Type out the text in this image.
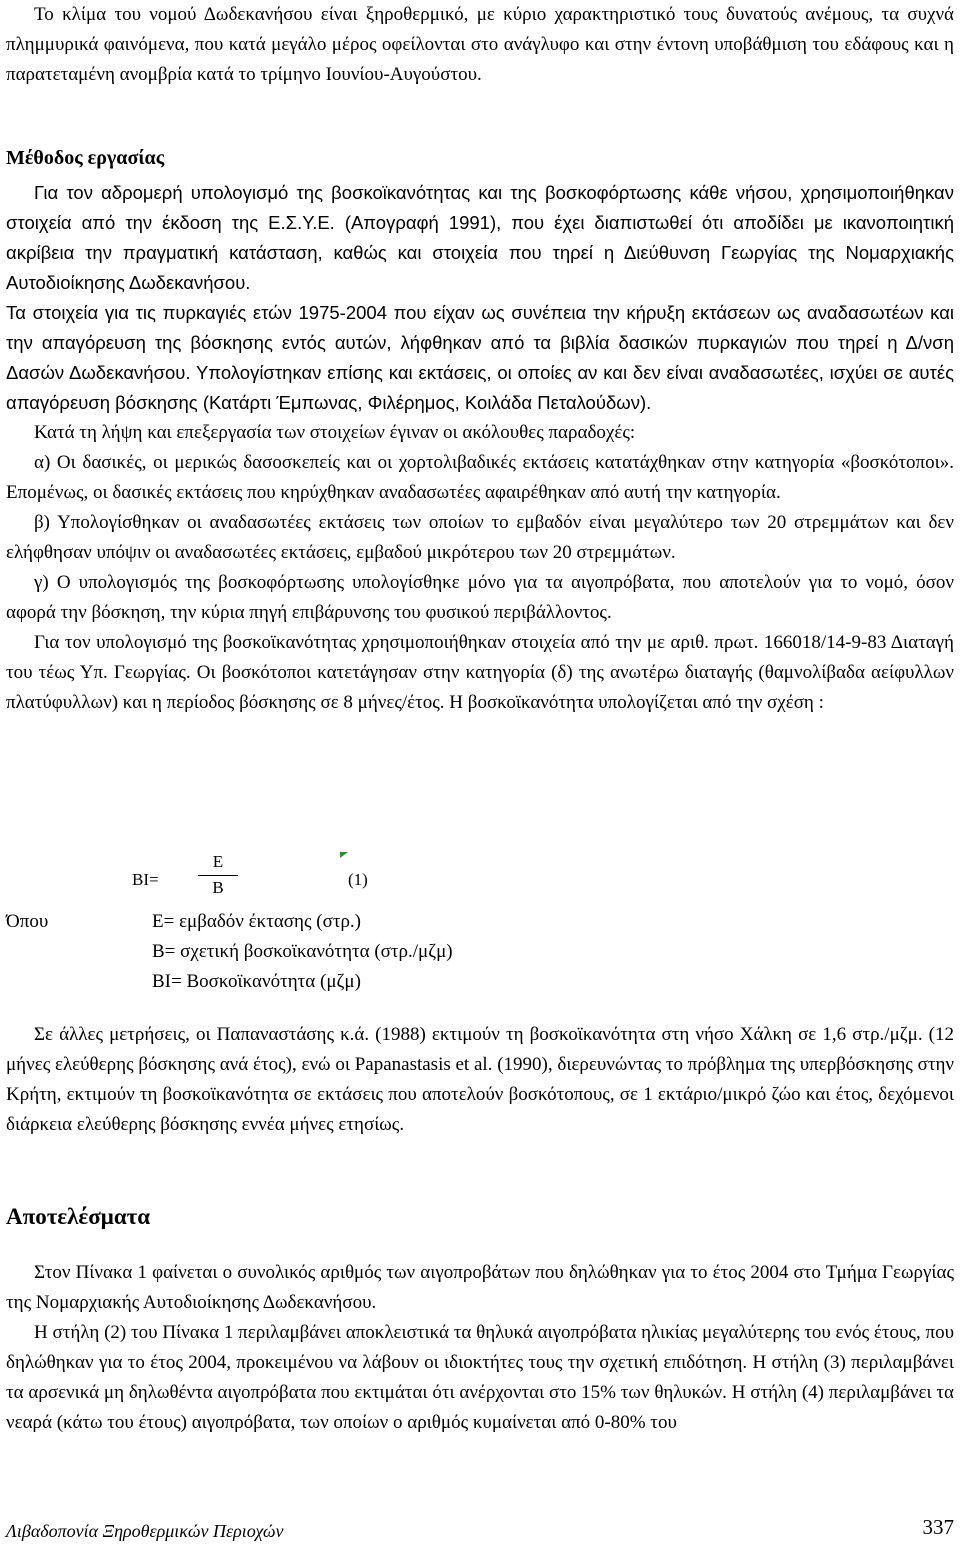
Το κλίμα του νομού Δωδεκανήσου είναι ξηροθερμικό, με κύριο χαρακτηριστικό τους δυνατούς ανέμους, τα συχνά πλημμυρικά φαινόμενα, που κατά μεγάλο μέρος οφείλονται στο ανάγλυφο και στην έντονη υποβάθμιση του εδάφους και η παρατεταμένη ανομβρία κατά το τρίμηνο Ιουνίου-Αυγούστου.

Μέθοδος εργασίας

Για τον αδρομερή υπολογισμό της βοσκοϊκανότητας και της βοσκοφόρτωσης κάθε νήσου, χρησιμοποιήθηκαν στοιχεία από την έκδοση της Ε.Σ.Υ.Ε. (Απογραφή 1991), που έχει διαπιστωθεί ότι αποδίδει με ικανοποιητική ακρίβεια την πραγματική κατάσταση, καθώς και στοιχεία που τηρεί η Διεύθυνση Γεωργίας της Νομαρχιακής Αυτοδιοίκησης Δωδεκανήσου.

Τα στοιχεία για τις πυρκαγιές ετών 1975-2004 που είχαν ως συνέπεια την κήρυξη εκτάσεων ως αναδασωτέων και την απαγόρευση της βόσκησης εντός αυτών, λήφθηκαν από τα βιβλία δασικών πυρκαγιών που τηρεί η Δ/νση Δασών Δωδεκανήσου. Υπολογίστηκαν επίσης και εκτάσεις, οι οποίες αν και δεν είναι αναδασωτέες, ισχύει σε αυτές απαγόρευση βόσκησης (Κατάρτι Έμπωνας, Φιλέρημος, Κοιλάδα Πεταλούδων).

Κατά τη λήψη και επεξεργασία των στοιχείων έγιναν οι ακόλουθες παραδοχές:

α) Οι δασικές, οι μερικώς δασοσκεπείς και οι χορτολιβαδικές εκτάσεις κατατάχθηκαν στην κατηγορία «βοσκότοποι». Επομένως, οι δασικές εκτάσεις που κηρύχθηκαν αναδασωτέες αφαιρέθηκαν από αυτή την κατηγορία.

β) Υπολογίσθηκαν οι αναδασωτέες εκτάσεις των οποίων το εμβαδόν είναι μεγαλύτερο των 20 στρεμμάτων και δεν ελήφθησαν υπόψιν οι αναδασωτέες εκτάσεις, εμβαδού μικρότερου των 20 στρεμμάτων.

γ) Ο υπολογισμός της βοσκοφόρτωσης υπολογίσθηκε μόνο για τα αιγοπρόβατα, που αποτελούν για το νομό, όσον αφορά την βόσκηση, την κύρια πηγή επιβάρυνσης του φυσικού περιβάλλοντος.

Για τον υπολογισμό της βοσκοϊκανότητας χρησιμοποιήθηκαν στοιχεία από την με αριθ. πρωτ. 166018/14-9-83 Διαταγή του τέως Υπ. Γεωργίας. Οι βοσκότοποι κατετάγησαν στην κατηγορία (δ) της ανωτέρω διαταγής (θαμνολίβαδα αείφυλλων πλατύφυλλων) και η περίοδος βόσκησης σε 8 μήνες/έτος. Η βοσκοϊκανότητα υπολογίζεται από την σχέση :

BI=
E
B	(1)
Όπου	Ε= εμβαδόν έκτασης (στρ.)
Β= σχετική βοσκοϊκανότητα (στρ./μζμ)
ΒΙ= Βοσκοϊκανότητα (μζμ)

Σε άλλες μετρήσεις, οι Παπαναστάσης κ.ά. (1988) εκτιμούν τη βοσκοϊκανότητα στη νήσο Χάλκη σε 1,6 στρ./μζμ. (12 μήνες ελεύθερης βόσκησης ανά έτος), ενώ οι Papanastasis et al. (1990), διερευνώντας το πρόβλημα της υπερβόσκησης στην Κρήτη, εκτιμούν τη βοσκοϊκανότητα σε εκτάσεις που αποτελούν βοσκότοπους, σε 1 εκτάριο/μικρό ζώο και έτος, δεχόμενοι διάρκεια ελεύθερης βόσκησης εννέα μήνες ετησίως.

Αποτελέσματα

Στον Πίνακα 1 φαίνεται ο συνολικός αριθμός των αιγοπροβάτων που δηλώθηκαν για το έτος 2004 στο Τμήμα Γεωργίας της Νομαρχιακής Αυτοδιοίκησης Δωδεκανήσου.

Η στήλη (2) του Πίνακα 1 περιλαμβάνει αποκλειστικά τα θηλυκά αιγοπρόβατα ηλικίας μεγαλύτερης του ενός έτους, που δηλώθηκαν για το έτος 2004, προκειμένου να λάβουν οι ιδιοκτήτες τους την σχετική επιδότηση. Η στήλη (3) περιλαμβάνει τα αρσενικά μη δηλωθέντα αιγοπρόβατα που εκτιμάται ότι ανέρχονται στο 15% των θηλυκών. Η στήλη (4) περιλαμβάνει τα νεαρά (κάτω του έτους) αιγοπρόβατα, των οποίων ο αριθμός κυμαίνεται από 0-80% του

Λιβαδοπονία Ξηροθερμικών Περιοχών	337
